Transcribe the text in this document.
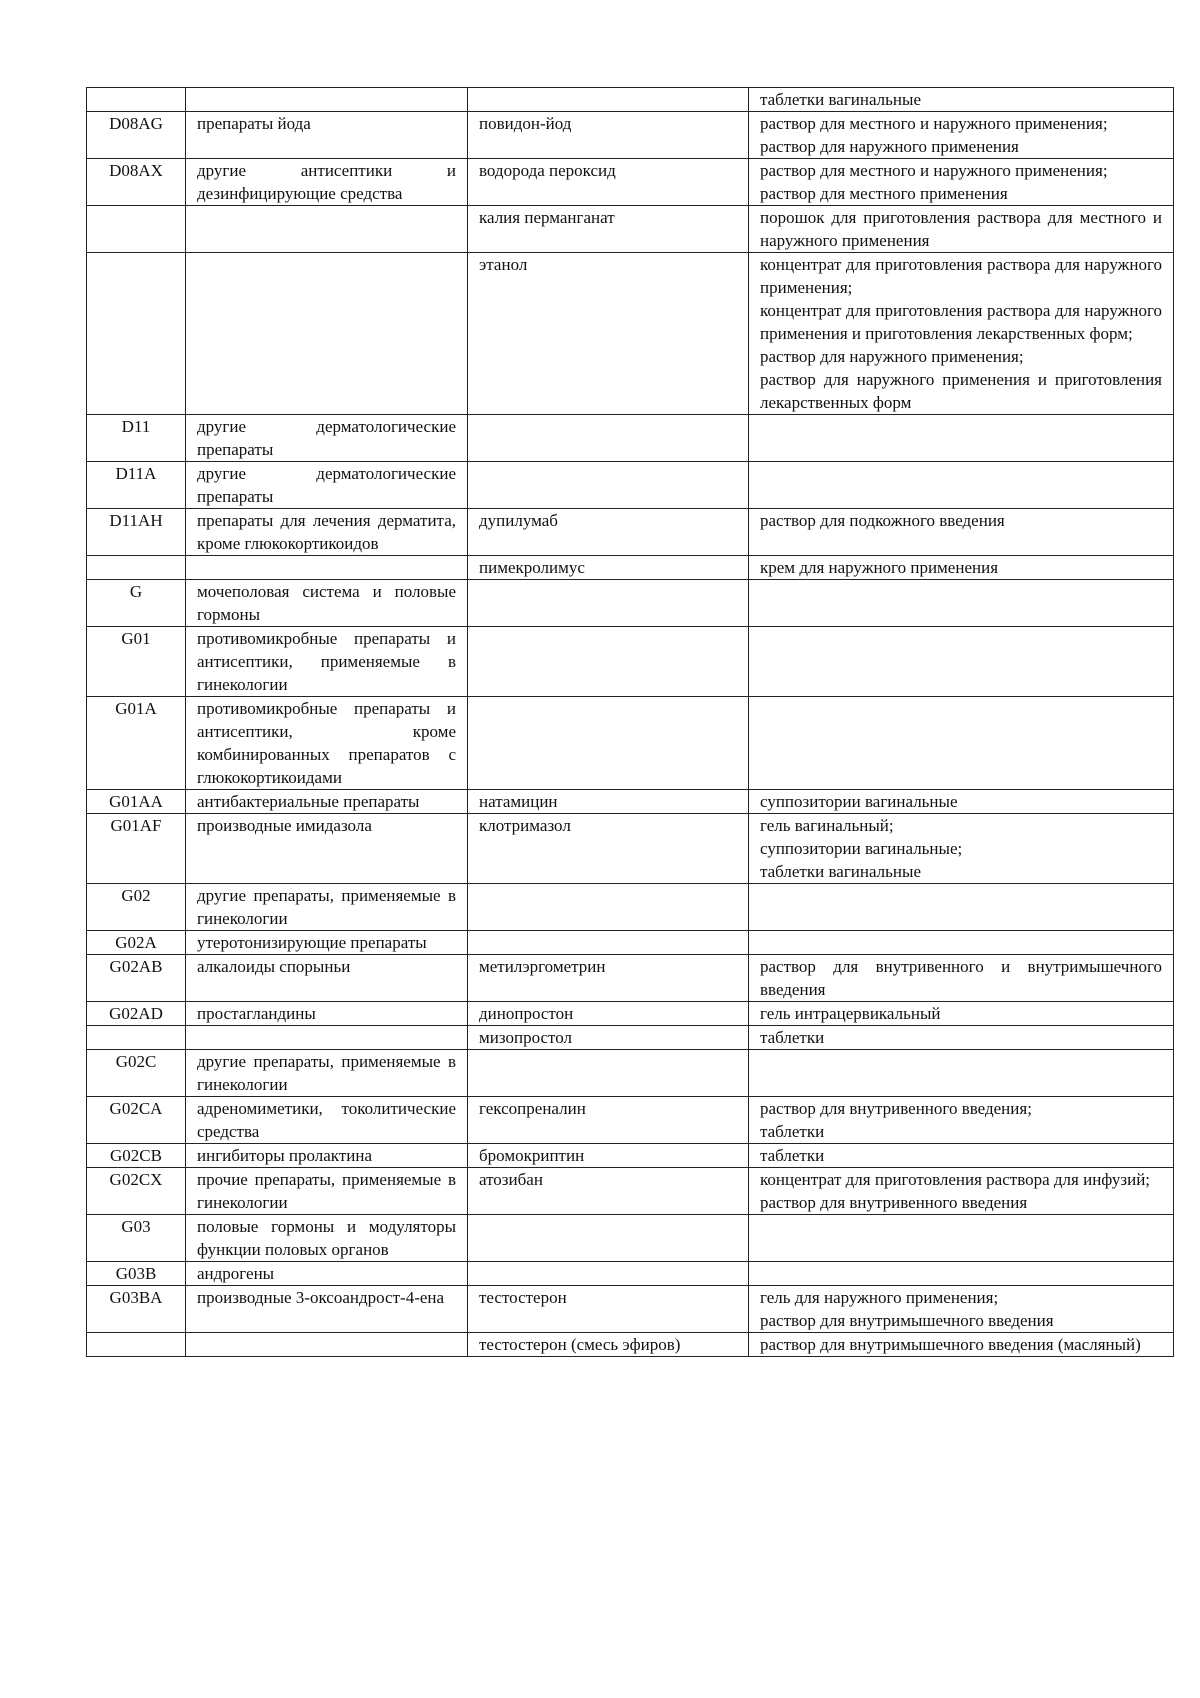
			таблетки вагинальные

D08AG	препараты йода	повидон-йод	раствор для местного и наружного применения;
раствор для наружного применения

D08AX	другие антисептики и дезинфицирующие средства	водорода пероксид	раствор для местного и наружного применения;
раствор для местного применения

		калия перманганат	порошок для приготовления раствора для местного и наружного применения

		этанол	концентрат для приготовления раствора для наружного применения;
концентрат для приготовления раствора для наружного применения и приготовления лекарственных форм;
раствор для наружного применения;
раствор для наружного применения и приготовления лекарственных форм

D11	другие дерматологические препараты		
D11A	другие дерматологические препараты		
D11AH	препараты для лечения дерматита, кроме глюкокортикоидов	дупилумаб	раствор для подкожного введения

		пимекролимус	крем для наружного применения

G	мочеполовая система и половые гормоны		
G01	противомикробные препараты и антисептики, применяемые в гинекологии		
G01A	противомикробные препараты и антисептики, кроме комбинированных препаратов с глюкокортикоидами		
G01AA	антибактериальные препараты	натамицин	суппозитории вагинальные

G01AF	производные имидазола	клотримазол	гель вагинальный;
суппозитории вагинальные;
таблетки вагинальные

G02	другие препараты, применяемые в гинекологии		
G02A	утеротонизирующие препараты		
G02AB	алкалоиды спорыньи	метилэргометрин	раствор для внутривенного и внутримышечного введения

G02AD	простагландины	динопростон	гель интрацервикальный

		мизопростол	таблетки

G02C	другие препараты, применяемые в гинекологии		
G02CA	адреномиметики, токолитические средства	гексопреналин	раствор для внутривенного введения;
таблетки

G02CB	ингибиторы пролактина	бромокриптин	таблетки

G02CX	прочие препараты, применяемые в гинекологии	атозибан	концентрат для приготовления раствора для инфузий;
раствор для внутривенного введения

G03	половые гормоны и модуляторы функции половых органов		
G03B	андрогены		
G03BA	производные 3-оксоандрост-4-ена	тестостерон	гель для наружного применения;
раствор для внутримышечного введения

		тестостерон (смесь эфиров)	раствор для внутримышечного введения (масляный)
